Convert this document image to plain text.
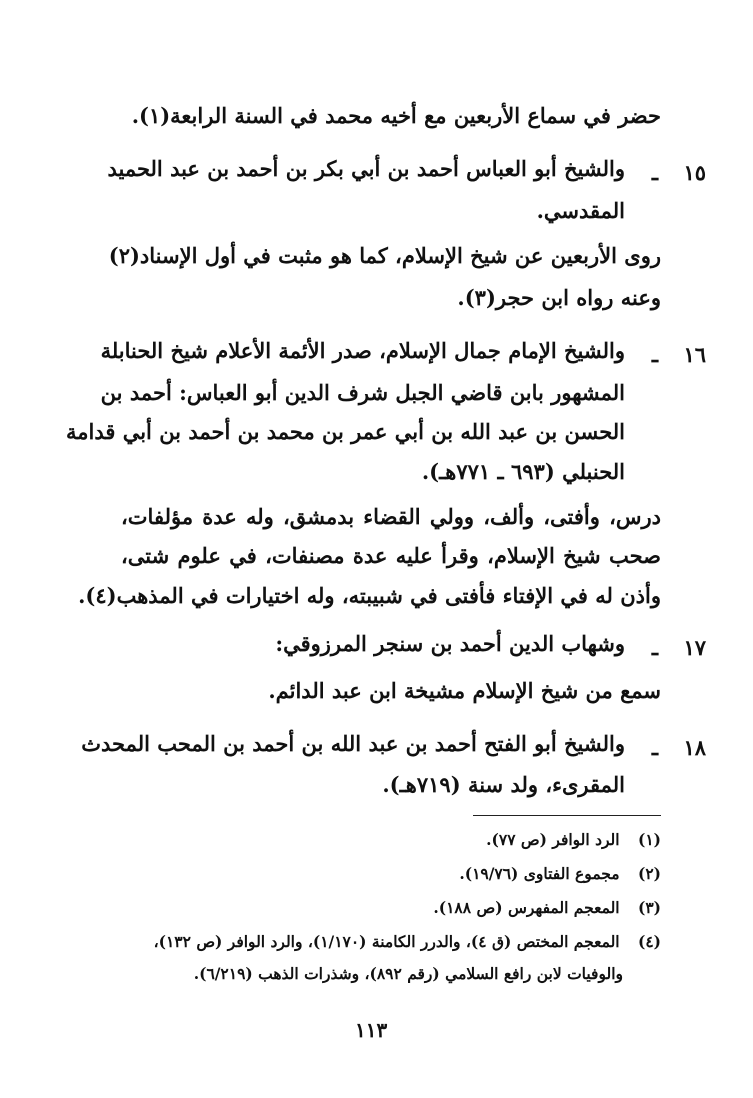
حضر في سماع الأربعين مع أخيه محمد في السنة الرابعة(١).
١٥
ـ
والشيخ أبو العباس أحمد بن أبي بكر بن أحمد بن عبد الحميد
المقدسي.
روى الأربعين عن شيخ الإسلام، كما هو مثبت في أول الإسناد(٢)
وعنه رواه ابن حجر(٣).
١٦
ـ
والشيخ الإمام جمال الإسلام، صدر الأئمة الأعلام شيخ الحنابلة
المشهور بابن قاضي الجبل شرف الدين أبو العباس: أحمد بن
الحسن بن عبد الله بن أبي عمر بن محمد بن أحمد بن أبي قدامة
الحنبلي (٦٩٣ ـ ٧٧١هـ).
درس، وأفتى، وألف، وولي القضاء بدمشق، وله عدة مؤلفات،
صحب شيخ الإسلام، وقرأ عليه عدة مصنفات، في علوم شتى،
وأذن له في الإفتاء فأفتى في شبيبته، وله اختيارات في المذهب(٤).
١٧
ـ
وشهاب الدين أحمد بن سنجر المرزوقي:
سمع من شيخ الإسلام مشيخة ابن عبد الدائم.
١٨
ـ
والشيخ أبو الفتح أحمد بن عبد الله بن أحمد بن المحب المحدث
المقرىء، ولد سنة (٧١٩هـ).
(١) الرد الوافر (ص ٧٧).
(٢) مجموع الفتاوى (١٩/٧٦).
(٣) المعجم المفهرس (ص ١٨٨).
(٤) المعجم المختص (ق ٤)، والدرر الكامنة (١/١٧٠)، والرد الوافر (ص ١٣٢)،
والوفيات لابن رافع السلامي (رقم ٨٩٢)، وشذرات الذهب (٦/٢١٩).
١١٣
